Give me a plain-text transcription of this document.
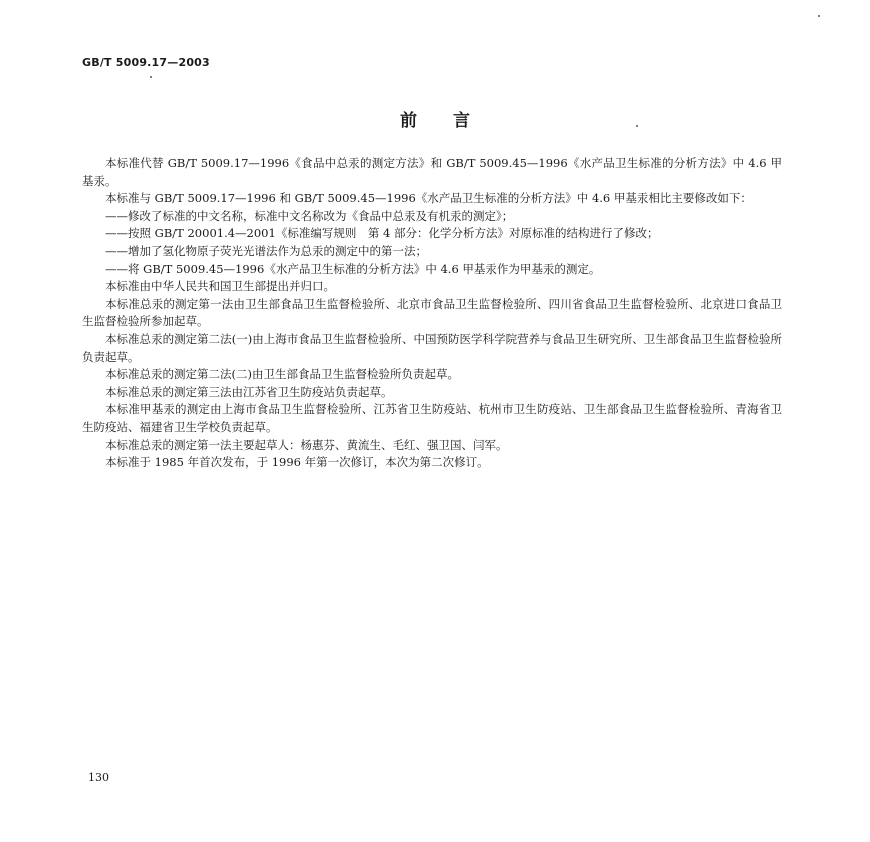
GB/T 5009.17—2003
前言

本标准代替 GB/T 5009.17—1996《食品中总汞的测定方法》和 GB/T 5009.45—1996《水产品卫生标准的分析方法》中 4.6 甲基汞。

本标准与 GB/T 5009.17—1996 和 GB/T 5009.45—1996《水产品卫生标准的分析方法》中 4.6 甲基汞相比主要修改如下：

——修改了标准的中文名称，标准中文名称改为《食品中总汞及有机汞的测定》；

——按照 GB/T 20001.4—2001《标准编写规则　第 4 部分：化学分析方法》对原标准的结构进行了修改；

——增加了氢化物原子荧光光谱法作为总汞的测定中的第一法；

——将 GB/T 5009.45—1996《水产品卫生标准的分析方法》中 4.6 甲基汞作为甲基汞的测定。

本标准由中华人民共和国卫生部提出并归口。

本标准总汞的测定第一法由卫生部食品卫生监督检验所、北京市食品卫生监督检验所、四川省食品卫生监督检验所、北京进口食品卫生监督检验所参加起草。

本标准总汞的测定第二法(一)由上海市食品卫生监督检验所、中国预防医学科学院营养与食品卫生研究所、卫生部食品卫生监督检验所负责起草。

本标准总汞的测定第二法(二)由卫生部食品卫生监督检验所负责起草。

本标准总汞的测定第三法由江苏省卫生防疫站负责起草。

本标准甲基汞的测定由上海市食品卫生监督检验所、江苏省卫生防疫站、杭州市卫生防疫站、卫生部食品卫生监督检验所、青海省卫生防疫站、福建省卫生学校负责起草。

本标准总汞的测定第一法主要起草人：杨惠芬、黄流生、毛红、强卫国、闫军。

本标准于 1985 年首次发布，于 1996 年第一次修订，本次为第二次修订。

130
